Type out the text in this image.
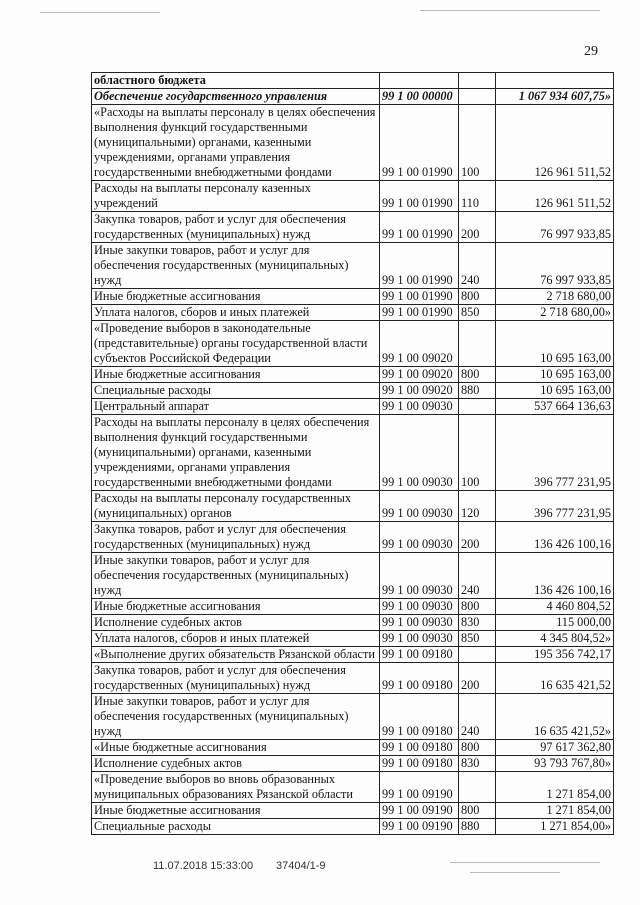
29
областного бюджета			
Обеспечение государственного управления	99 1 00 00000		1 067 934 607,75»
«Расходы на выплаты персоналу в целях обеспечения выполнения функций государственными (муниципальными) органами, казенными учреждениями, органами управления государственными внебюджетными фондами	99 1 00 01990	100	126 961 511,52
Расходы на выплаты персоналу казенных учреждений	99 1 00 01990	110	126 961 511,52
Закупка товаров, работ и услуг для обеспечения государственных (муниципальных) нужд	99 1 00 01990	200	76 997 933,85
Иные закупки товаров, работ и услуг для обеспечения государственных (муниципальных) нужд	99 1 00 01990	240	76 997 933,85
Иные бюджетные ассигнования	99 1 00 01990	800	2 718 680,00
Уплата налогов, сборов и иных платежей	99 1 00 01990	850	2 718 680,00»
«Проведение выборов в законодательные (представительные) органы государственной власти субъектов Российской Федерации	99 1 00 09020		10 695 163,00
Иные бюджетные ассигнования	99 1 00 09020	800	10 695 163,00
Специальные расходы	99 1 00 09020	880	10 695 163,00
Центральный аппарат	99 1 00 09030		537 664 136,63
Расходы на выплаты персоналу в целях обеспечения выполнения функций государственными (муниципальными) органами, казенными учреждениями, органами управления государственными внебюджетными фондами	99 1 00 09030	100	396 777 231,95
Расходы на выплаты персоналу государственных (муниципальных) органов	99 1 00 09030	120	396 777 231,95
Закупка товаров, работ и услуг для обеспечения государственных (муниципальных) нужд	99 1 00 09030	200	136 426 100,16
Иные закупки товаров, работ и услуг для обеспечения государственных (муниципальных) нужд	99 1 00 09030	240	136 426 100,16
Иные бюджетные ассигнования	99 1 00 09030	800	4 460 804,52
Исполнение судебных актов	99 1 00 09030	830	115 000,00
Уплата налогов, сборов и иных платежей	99 1 00 09030	850	4 345 804,52»
«Выполнение других обязательств Рязанской области	99 1 00 09180		195 356 742,17
Закупка товаров, работ и услуг для обеспечения государственных (муниципальных) нужд	99 1 00 09180	200	16 635 421,52
Иные закупки товаров, работ и услуг для обеспечения государственных (муниципальных) нужд	99 1 00 09180	240	16 635 421,52»
«Иные бюджетные ассигнования	99 1 00 09180	800	97 617 362,80
Исполнение судебных актов	99 1 00 09180	830	93 793 767,80»
«Проведение выборов во вновь образованных муниципальных образованиях Рязанской области	99 1 00 09190		1 271 854,00
Иные бюджетные ассигнования	99 1 00 09190	800	1 271 854,00
Специальные расходы	99 1 00 09190	880	1 271 854,00»
11.07.2018 15:33:00 37404/1-9
